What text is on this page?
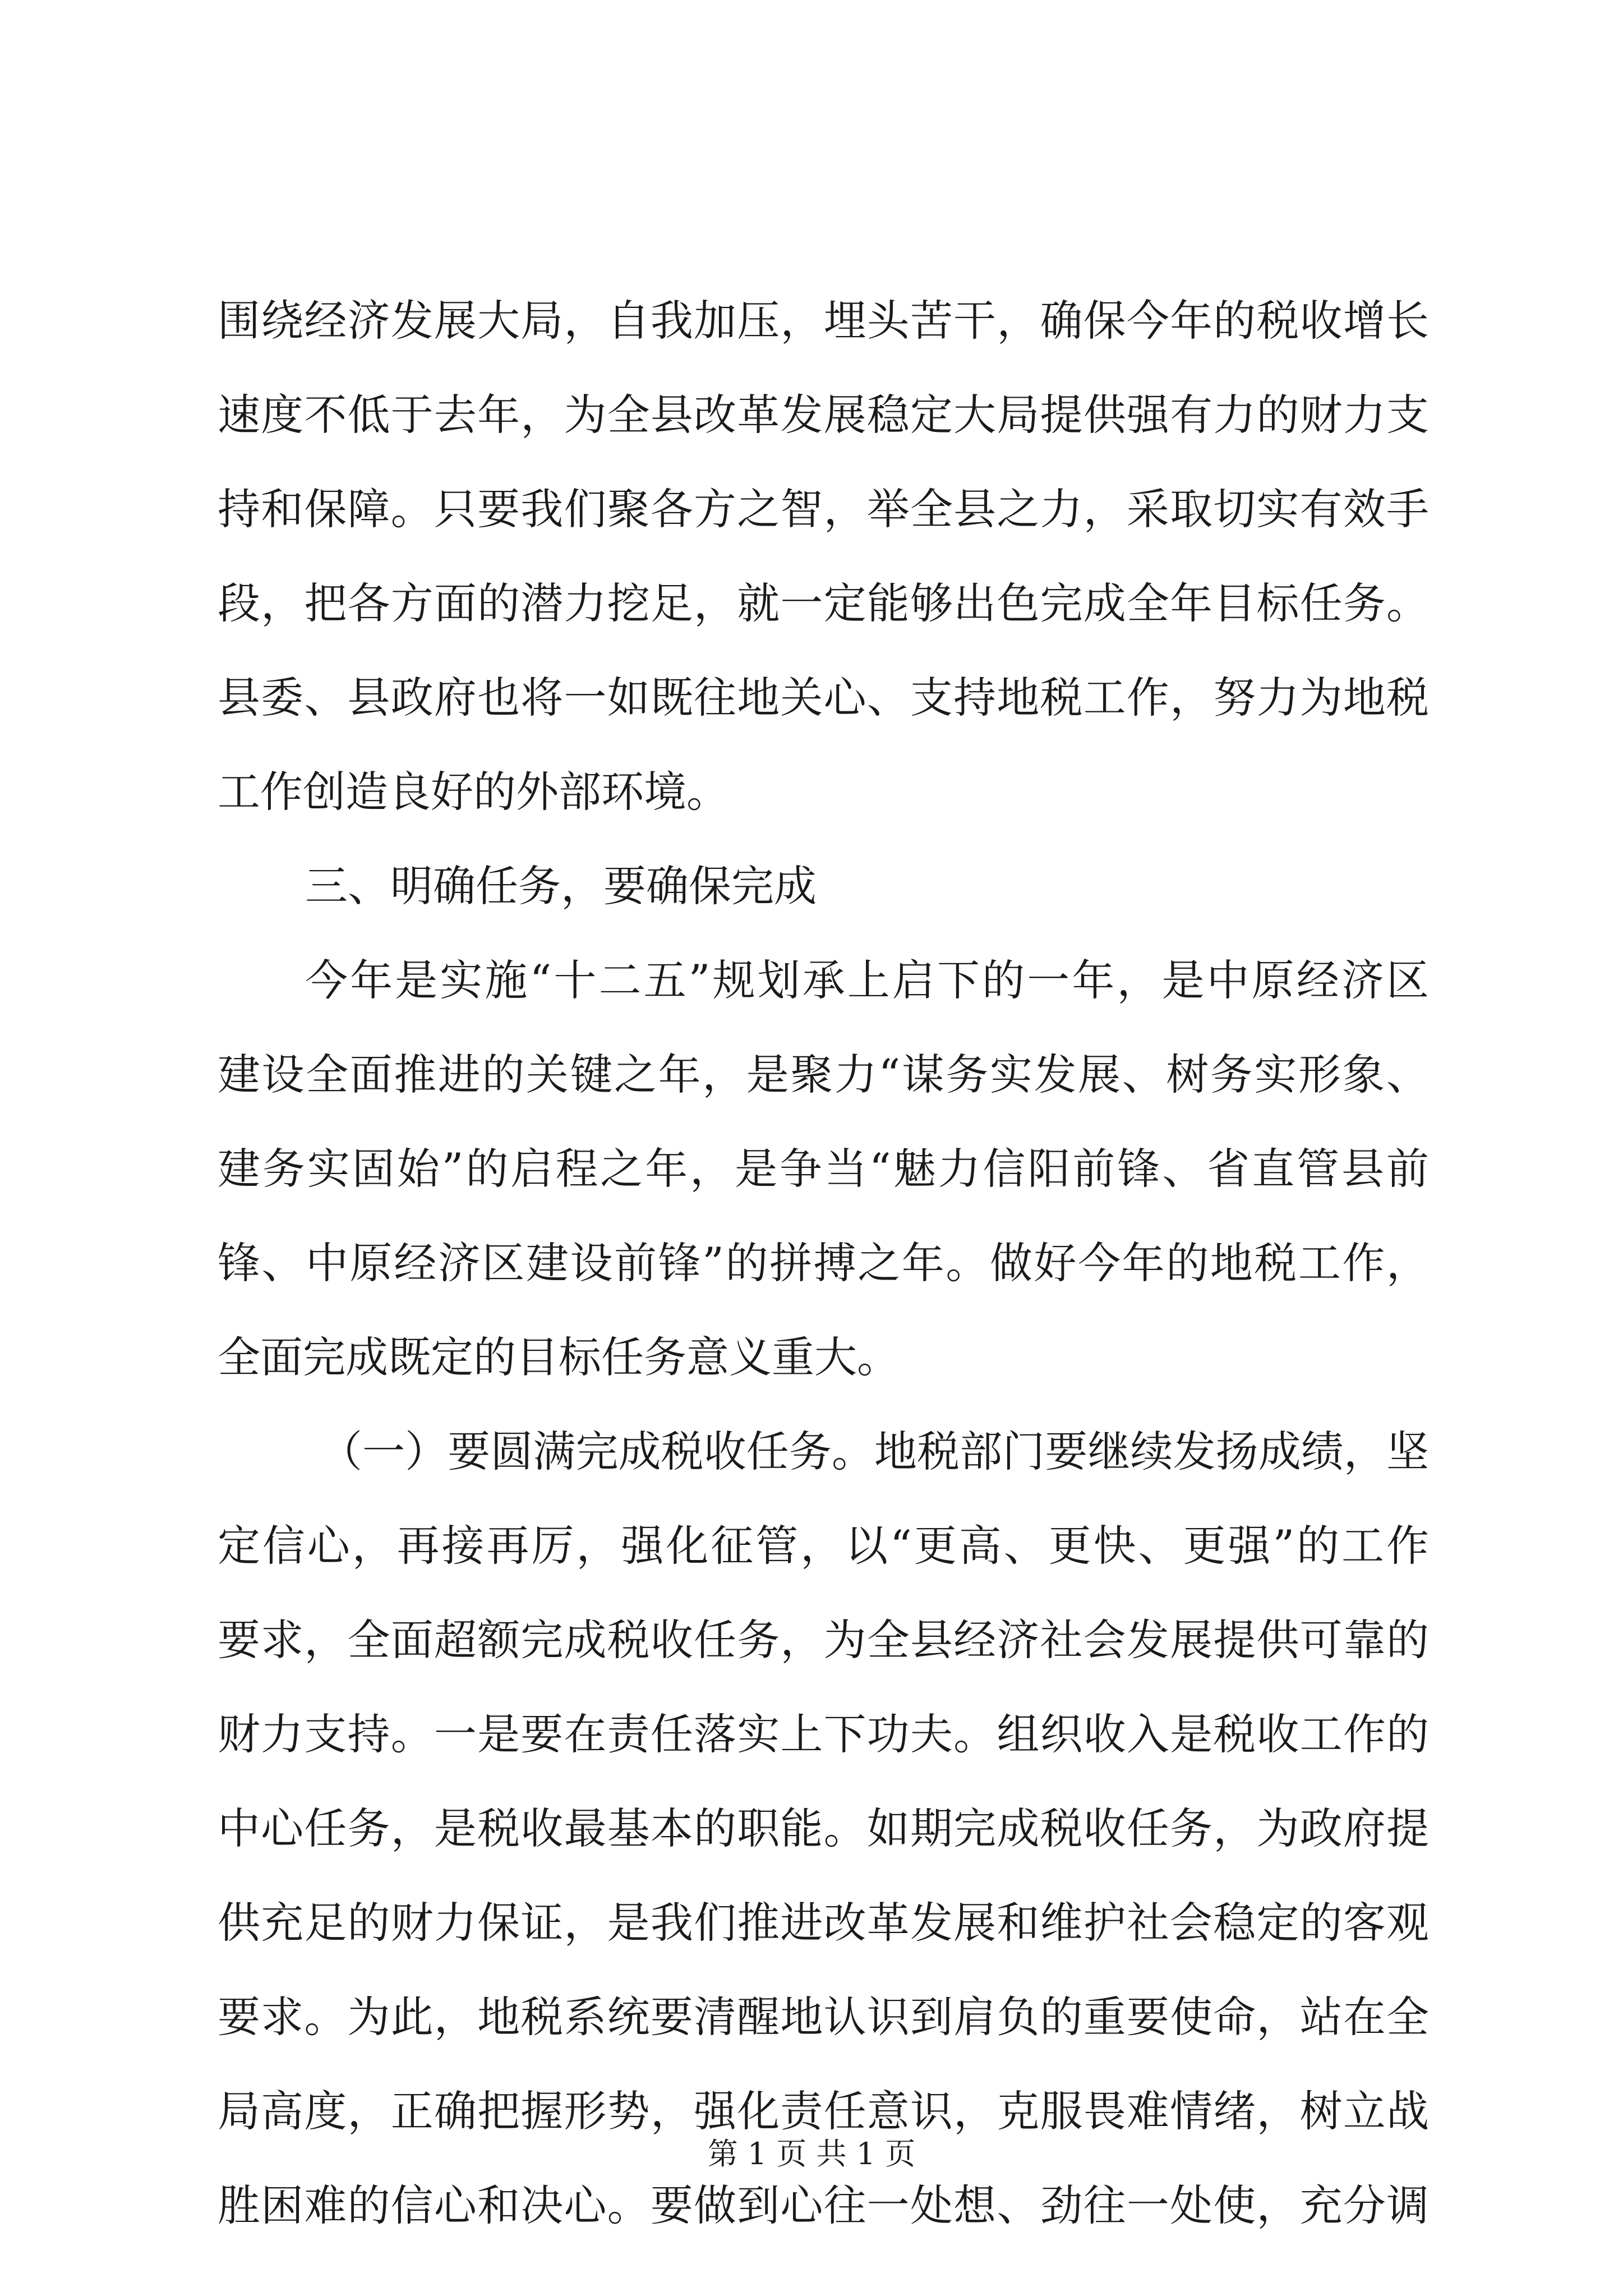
围绕经济发展大局，自我加压，埋头苦干，确保今年的税收增长
速度不低于去年，为全县改革发展稳定大局提供强有力的财力支
持和保障。只要我们聚各方之智，举全县之力，采取切实有效手
段，把各方面的潜力挖足，就一定能够出色完成全年目标任务。
县委、县政府也将一如既往地关心、支持地税工作，努力为地税
工作创造良好的外部环境。
三、明确任务，要确保完成
今年是实施“十二五”规划承上启下的一年，是中原经济区
建设全面推进的关键之年，是聚力“谋务实发展、树务实形象、
建务实固始”的启程之年，是争当“魅力信阳前锋、省直管县前
锋、中原经济区建设前锋”的拼搏之年。做好今年的地税工作，
全面完成既定的目标任务意义重大。
（一）要圆满完成税收任务。地税部门要继续发扬成绩，坚
定信心，再接再厉，强化征管，以“更高、更快、更强”的工作
要求，全面超额完成税收任务，为全县经济社会发展提供可靠的
财力支持。一是要在责任落实上下功夫。组织收入是税收工作的
中心任务，是税收最基本的职能。如期完成税收任务，为政府提
供充足的财力保证，是我们推进改革发展和维护社会稳定的客观
要求。为此，地税系统要清醒地认识到肩负的重要使命，站在全
局高度，正确把握形势，强化责任意识，克服畏难情绪，树立战
胜困难的信心和决心。要做到心往一处想、劲往一处使，充分调
第 1 页 共 1 页
